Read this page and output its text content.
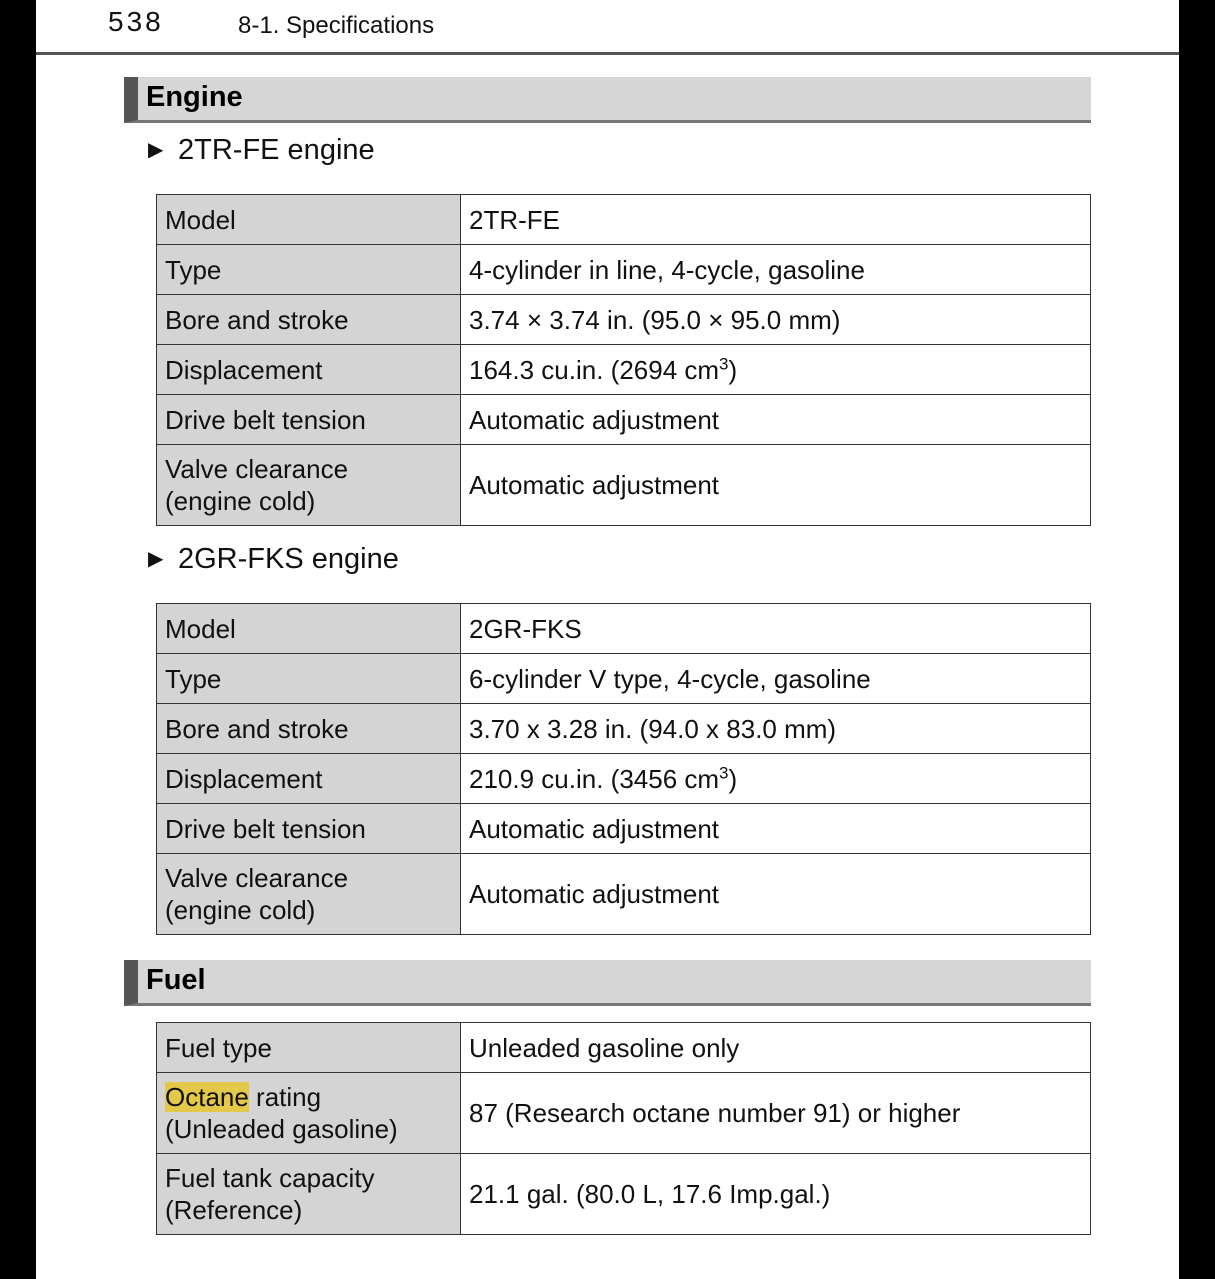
538	8-1. Specifications
Engine
▶ 2TR-FE engine
Model	2TR-FE
Type	4-cylinder in line, 4-cycle, gasoline
Bore and stroke	3.74 × 3.74 in. (95.0 × 95.0 mm)
Displacement	164.3 cu.in. (2694 $cm^3$)
Drive belt tension	Automatic adjustment
Valve clearance
(engine cold)	Automatic adjustment
▶ 2GR-FKS engine
Model	2GR-FKS
Type	6-cylinder V type, 4-cycle, gasoline
Bore and stroke	3.70 x 3.28 in. (94.0 x 83.0 mm)
Displacement	210.9 cu.in. (3456 $cm^3$)
Drive belt tension	Automatic adjustment
Valve clearance
(engine cold)	Automatic adjustment
Fuel
Fuel type	Unleaded gasoline only
Octane rating
(Unleaded gasoline)	87 (Research octane number 91) or higher
Fuel tank capacity
(Reference)	21.1 gal. (80.0 L, 17.6 Imp.gal.)
